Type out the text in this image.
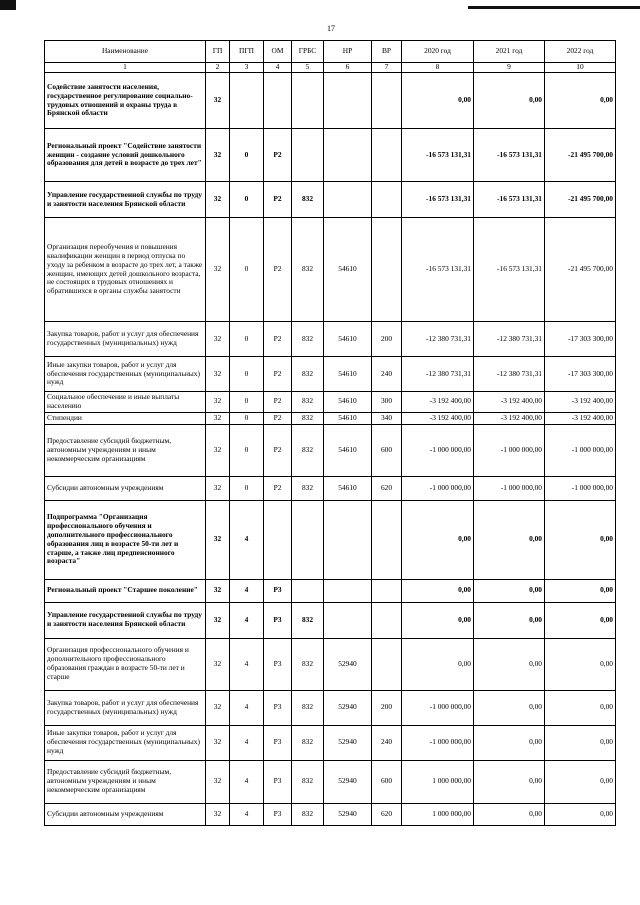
17
Наименование	ГП	ПГП	ОМ	ГРБС	НР	ВР	2020 год	2021 год	2022 год
1	2	3	4	5	6	7	8	9	10
Содействие занятости населения, государственное регулирование социально-трудовых отношений и охраны труда в Брянской области	32						0,00	0,00	0,00
Региональный проект "Содействие занятости женщин - создание условий дошкольного образования для детей в возрасте до трех лет"	32	0	P2				-16 573 131,31	-16 573 131,31	-21 495 700,00
Управление государственной службы по труду и занятости населения Брянской области	32	0	P2	832			-16 573 131,31	-16 573 131,31	-21 495 700,00
Организация переобучения и повышения квалификации женщин в период отпуска по уходу за ребенком в возрасте до трех лет, а также женщин, имеющих детей дошкольного возраста, не состоящих в трудовых отношениях и обратившихся в органы службы занятости	32	0	P2	832	54610		-16 573 131,31	-16 573 131,31	-21 495 700,00
Закупка товаров, работ и услуг для обеспечения государственных (муниципальных) нужд	32	0	P2	832	54610	200	-12 380 731,31	-12 380 731,31	-17 303 300,00
Иные закупки товаров, работ и услуг для обеспечения государственных (муниципальных) нужд	32	0	P2	832	54610	240	-12 380 731,31	-12 380 731,31	-17 303 300,00
Социальное обеспечение и иные выплаты населению	32	0	P2	832	54610	300	-3 192 400,00	-3 192 400,00	-3 192 400,00
Стипендии	32	0	P2	832	54610	340	-3 192 400,00	-3 192 400,00	-3 192 400,00
Предоставление субсидий бюджетным, автономным учреждениям и иным некоммерческим организациям	32	0	P2	832	54610	600	-1 000 000,00	-1 000 000,00	-1 000 000,00
Субсидии автономным учреждениям	32	0	P2	832	54610	620	-1 000 000,00	-1 000 000,00	-1 000 000,00
Подпрограмма "Организация профессионального обучения и дополнительного профессионального образования лиц в возрасте 50-ти лет и старше, а также лиц предпенсионного возраста"	32	4					0,00	0,00	0,00
Региональный проект "Старшее поколение"	32	4	P3				0,00	0,00	0,00
Управление государственной службы по труду и занятости населения Брянской области	32	4	P3	832			0,00	0,00	0,00
Организация профессионального обучения и дополнительного профессионального образования граждан в возрасте 50-ти лет и старше	32	4	P3	832	52940		0,00	0,00	0,00
Закупка товаров, работ и услуг для обеспечения государственных (муниципальных) нужд	32	4	P3	832	52940	200	-1 000 000,00	0,00	0,00
Иные закупки товаров, работ и услуг для обеспечения государственных (муниципальных) нужд	32	4	P3	832	52940	240	-1 000 000,00	0,00	0,00
Предоставление субсидий бюджетным, автономным учреждениям и иным некоммерческим организациям	32	4	P3	832	52940	600	1 000 000,00	0,00	0,00
Субсидии автономным учреждениям	32	4	P3	832	52940	620	1 000 000,00	0,00	0,00
